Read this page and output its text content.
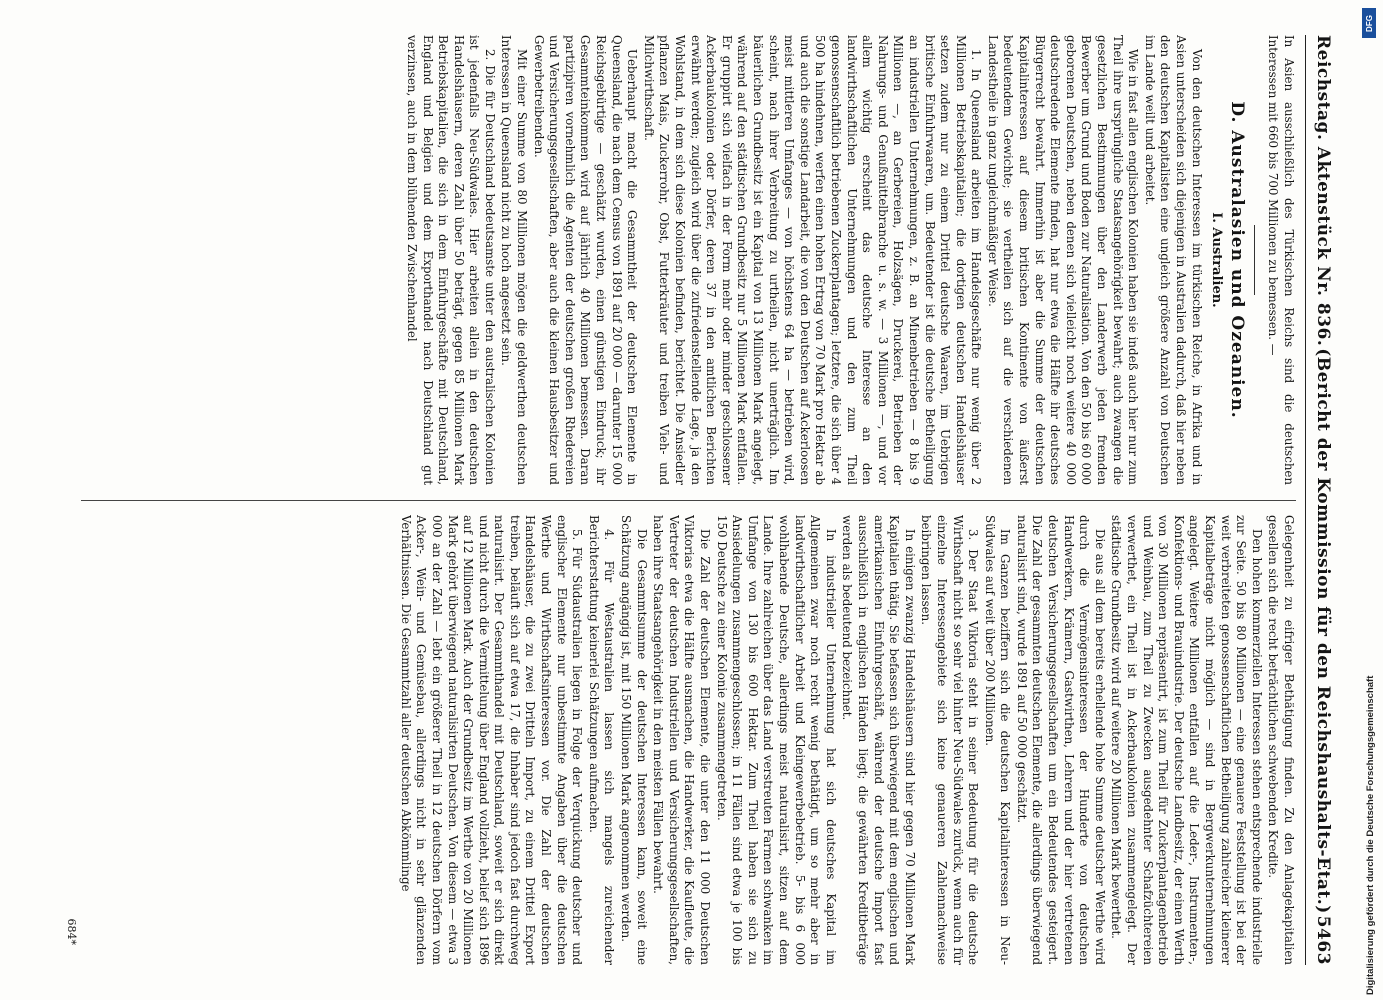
Reichstag. Aktenstück Nr. 836.
(Bericht der Kommission für den Reichshaushalts-Etat.)
5463

In Asien ausschließlich des Türkischen Reichs sind die deutschen Interessen mit 660 bis 700 Millionen zu bemessen. —

D. Australasien und Ozeanien.
I. Australien.

Von den deutschen Interessen im türkischen Reiche, in Afrika und in Asien unterscheiden sich diejenigen in Australien dadurch, daß hier neben den deutschen Kapitalisten eine ungleich größere Anzahl von Deutschen im Lande weilt und arbeitet.

Wie in fast allen englischen Kolonien haben sie indeß auch hier nur zum Theil ihre ursprüngliche Staatsangehörigkeit bewahrt; auch zwangen die gesetzlichen Bestimmungen über den Landerwerb jeden fremden Bewerber um Grund und Boden zur Naturalisation. Von den 50 bis 60 000 geborenen Deutschen, neben denen sich vielleicht noch weitere 40 000 deutschredende Elemente finden, hat nur etwa die Hälfte ihr deutsches Bürgerrecht bewahrt. Immerhin ist aber die Summe der deutschen Kapitalinteressen auf diesem britischen Kontinente von äußerst bedeutendem Gewichte; sie vertheilen sich auf die verschiedenen Landestheile in ganz ungleichmäßiger Weise.

1. In Queensland arbeiten im Handelsgeschäfte nur wenig über 2 Millionen Betriebskapitalien; die dortigen deutschen Handelshäuser setzen zudem nur zu einem Drittel deutsche Waaren, im Uebrigen britische Einfuhrwaaren, um. Bedeutender ist die deutsche Betheiligung an industriellen Unternehmungen, z. B. an Minenbetrieben — 8 bis 9 Millionen —, an Gerbereien, Holzsägen, Druckerei, Betrieben der Nahrungs- und Genußmittelbranche u. s. w. — 3 Millionen —, und vor allem wichtig erscheint das deutsche Interesse an den landwirthschaftlichen Unternehmungen und den zum Theil genossenschaftlich betriebenen Zuckerplantagen; letztere, die sich über 4 500 ha hindehnen, werfen einen hohen Ertrag von 70 Mark pro Hektar ab und auch die sonstige Landarbeit, die von den Deutschen auf Ackerloosen meist mittleren Umfanges — von höchstens 64 ha — betrieben wird, scheint, nach ihrer Verbreitung zu urtheilen, nicht unerträglich. Im bäuerlichen Grundbesitz ist ein Kapital von 13 Millionen Mark angelegt, während auf den städtischen Grundbesitz nur 5 Millionen Mark entfallen. Er gruppirt sich vielfach in der Form mehr oder minder geschlossener Ackerbaukolonien oder Dörfer, deren 37 in den amtlichen Berichten erwähnt werden; zugleich wird über die zufriedenstellende Lage, ja den Wohlstand, in dem sich diese Kolonien befinden, berichtet. Die Ansiedler pflanzen Mais, Zuckerrohr, Obst, Futterkräuter und treiben Vieh- und Milchwirthschaft.

Ueberhaupt macht die Gesammtheit der deutschen Elemente in Queensland, die nach dem Census von 1891 auf 20 000 — darunter 15 000 Reichsgebürtige — geschätzt wurden, einen günstigen Eindruck; ihr Gesammteinkommen wird auf jährlich 40 Millionen bemessen. Daran partizipiren vornehmlich die Agenten der deutschen großen Rhedereien und Versicherungsgesellschaften, aber auch die kleinen Hausbesitzer und Gewerbetreibenden.

Mit einer Summe von 80 Millionen mögen die geldwerthen deutschen Interessen in Queensland nicht zu hoch angesetzt sein.

2. Die für Deutschland bedeutsamste unter den australischen Kolonien ist jedenfalls Neu-Südwales. Hier arbeiten allein in den deutschen Handelshäusern, deren Zahl über 50 beträgt, gegen 85 Millionen Mark Betriebskapitalien, die sich in dem Einfuhrgeschäfte mit Deutschland, England und Belgien und dem Exporthandel nach Deutschland gut verzinsen, auch in dem blühenden Zwischenhandel

Gelegenheit zu eifriger Bethätigung finden. Zu den Anlagekapitalien gesellen sich die recht beträchtlichen schwebenden Kredite.

Den hohen kommerziellen Interessen stehen entsprechende industrielle zur Seite. 50 bis 80 Millionen — eine genauere Feststellung ist bei der weit verbreiteten genossenschaftlichen Betheiligung zahlreicher kleinerer Kapitalbeträge nicht möglich — sind in Bergwerkunternehmungen angelegt. Weitere Millionen entfallen auf die Leder-, Instrumenten-, Konfektions- und Brauindustrie. Der deutsche Landbesitz, der einen Werth von 30 Millionen repräsentirt, ist zum Theil für Zuckerplantagenbetrieb und Weinbau, zum Theil zu Zwecken ausgedehnter Schafzüchtereien verwerthet, ein Theil ist in Ackerbaukolonien zusammengelegt. Der städtische Grundbesitz wird auf weitere 20 Millionen Mark bewerthet.

Die aus all dem bereits erhellende hohe Summe deutscher Werthe wird durch die Vermögensinteressen der Hunderte von deutschen Handwerkern, Krämern, Gastwirthen, Lehrern und der hier vertretenen deutschen Versicherungsgesellschaften um ein Bedeutendes gesteigert. Die Zahl der gesammten deutschen Elemente, die allerdings überwiegend naturalisirt sind, wurde 1891 auf 50 000 geschätzt.

Im Ganzen beziffern sich die deutschen Kapitalinteressen in Neu-Südwales auf weit über 200 Millionen.

3. Der Staat Viktoria steht in seiner Bedeutung für die deutsche Wirthschaft nicht so sehr viel hinter Neu-Südwales zurück, wenn auch für einzelne Interessengebiete sich keine genaueren Zahlennachweise beibringen lassen.

In einigen zwanzig Handelshäusern sind hier gegen 70 Millionen Mark Kapitalien thätig. Sie befassen sich überwiegend mit dem englischen und amerikanischen Einfuhrgeschäft, während der deutsche Import fast ausschließlich in englischen Händen liegt; die gewährten Kreditbeträge werden als bedeutend bezeichnet.

In industrieller Unternehmung hat sich deutsches Kapital im Allgemeinen zwar noch recht wenig bethätigt, um so mehr aber in landwirthschaftlicher Arbeit und Kleingewerbebetrieb. 5- bis 6 000 wohlhabende Deutsche, allerdings meist naturalisirt, sitzen auf dem Lande. Ihre zahlreichen über das Land verstreuten Farmen schwanken im Umfange von 130 bis 600 Hektar. Zum Theil haben sie sich zu Ansiedelungen zusammengeschlossen; in 11 Fällen sind etwa je 100 bis 150 Deutsche zu einer Kolonie zusammengetreten.

Die Zahl der deutschen Elemente, die unter den 11 000 Deutschen Viktorias etwa die Hälfte ausmachen, die Handwerker, die Kaufleute, die Vertreter der deutschen Industriellen und Versicherungsgesellschaften, haben ihre Staatsangehörigkeit in den meisten Fällen bewahrt.

Die Gesammtsumme der deutschen Interessen kann, soweit eine Schätzung angängig ist, mit 150 Millionen Mark angenommen werden.

4. Für Westaustralien lassen sich mangels zureichender Berichterstattung keinerlei Schätzungen aufmachen.

5. Für Südaustralien liegen in Folge der Verquickung deutscher und englischer Elemente nur unbestimmte Angaben über die deutschen Werthe und Wirthschaftsinteressen vor. Die Zahl der deutschen Handelshäuser, die zu zwei Dritteln Import, zu einem Drittel Export treiben, beläuft sich auf etwa 17, die Inhaber sind jedoch fast durchweg naturalisirt. Der Gesammthandel mit Deutschland, soweit er sich direkt und nicht durch die Vermittelung über England vollzieht, belief sich 1896 auf 12 Millionen Mark. Auch der Grundbesitz im Werthe von 20 Millionen Mark gehört überwiegend naturalisirten Deutschen. Von diesem — etwa 3 000 an der Zahl — lebt ein größerer Theil in 12 deutschen Dörfern vom Acker-, Wein- und Gemüsebau, allerdings nicht in sehr glänzenden Verhältnissen. Die Gesammtzahl aller deutschen Abkömmlinge

684*	Digitalisierung gefördert durch die Deutsche Forschungsgemeinschaft
DFG
